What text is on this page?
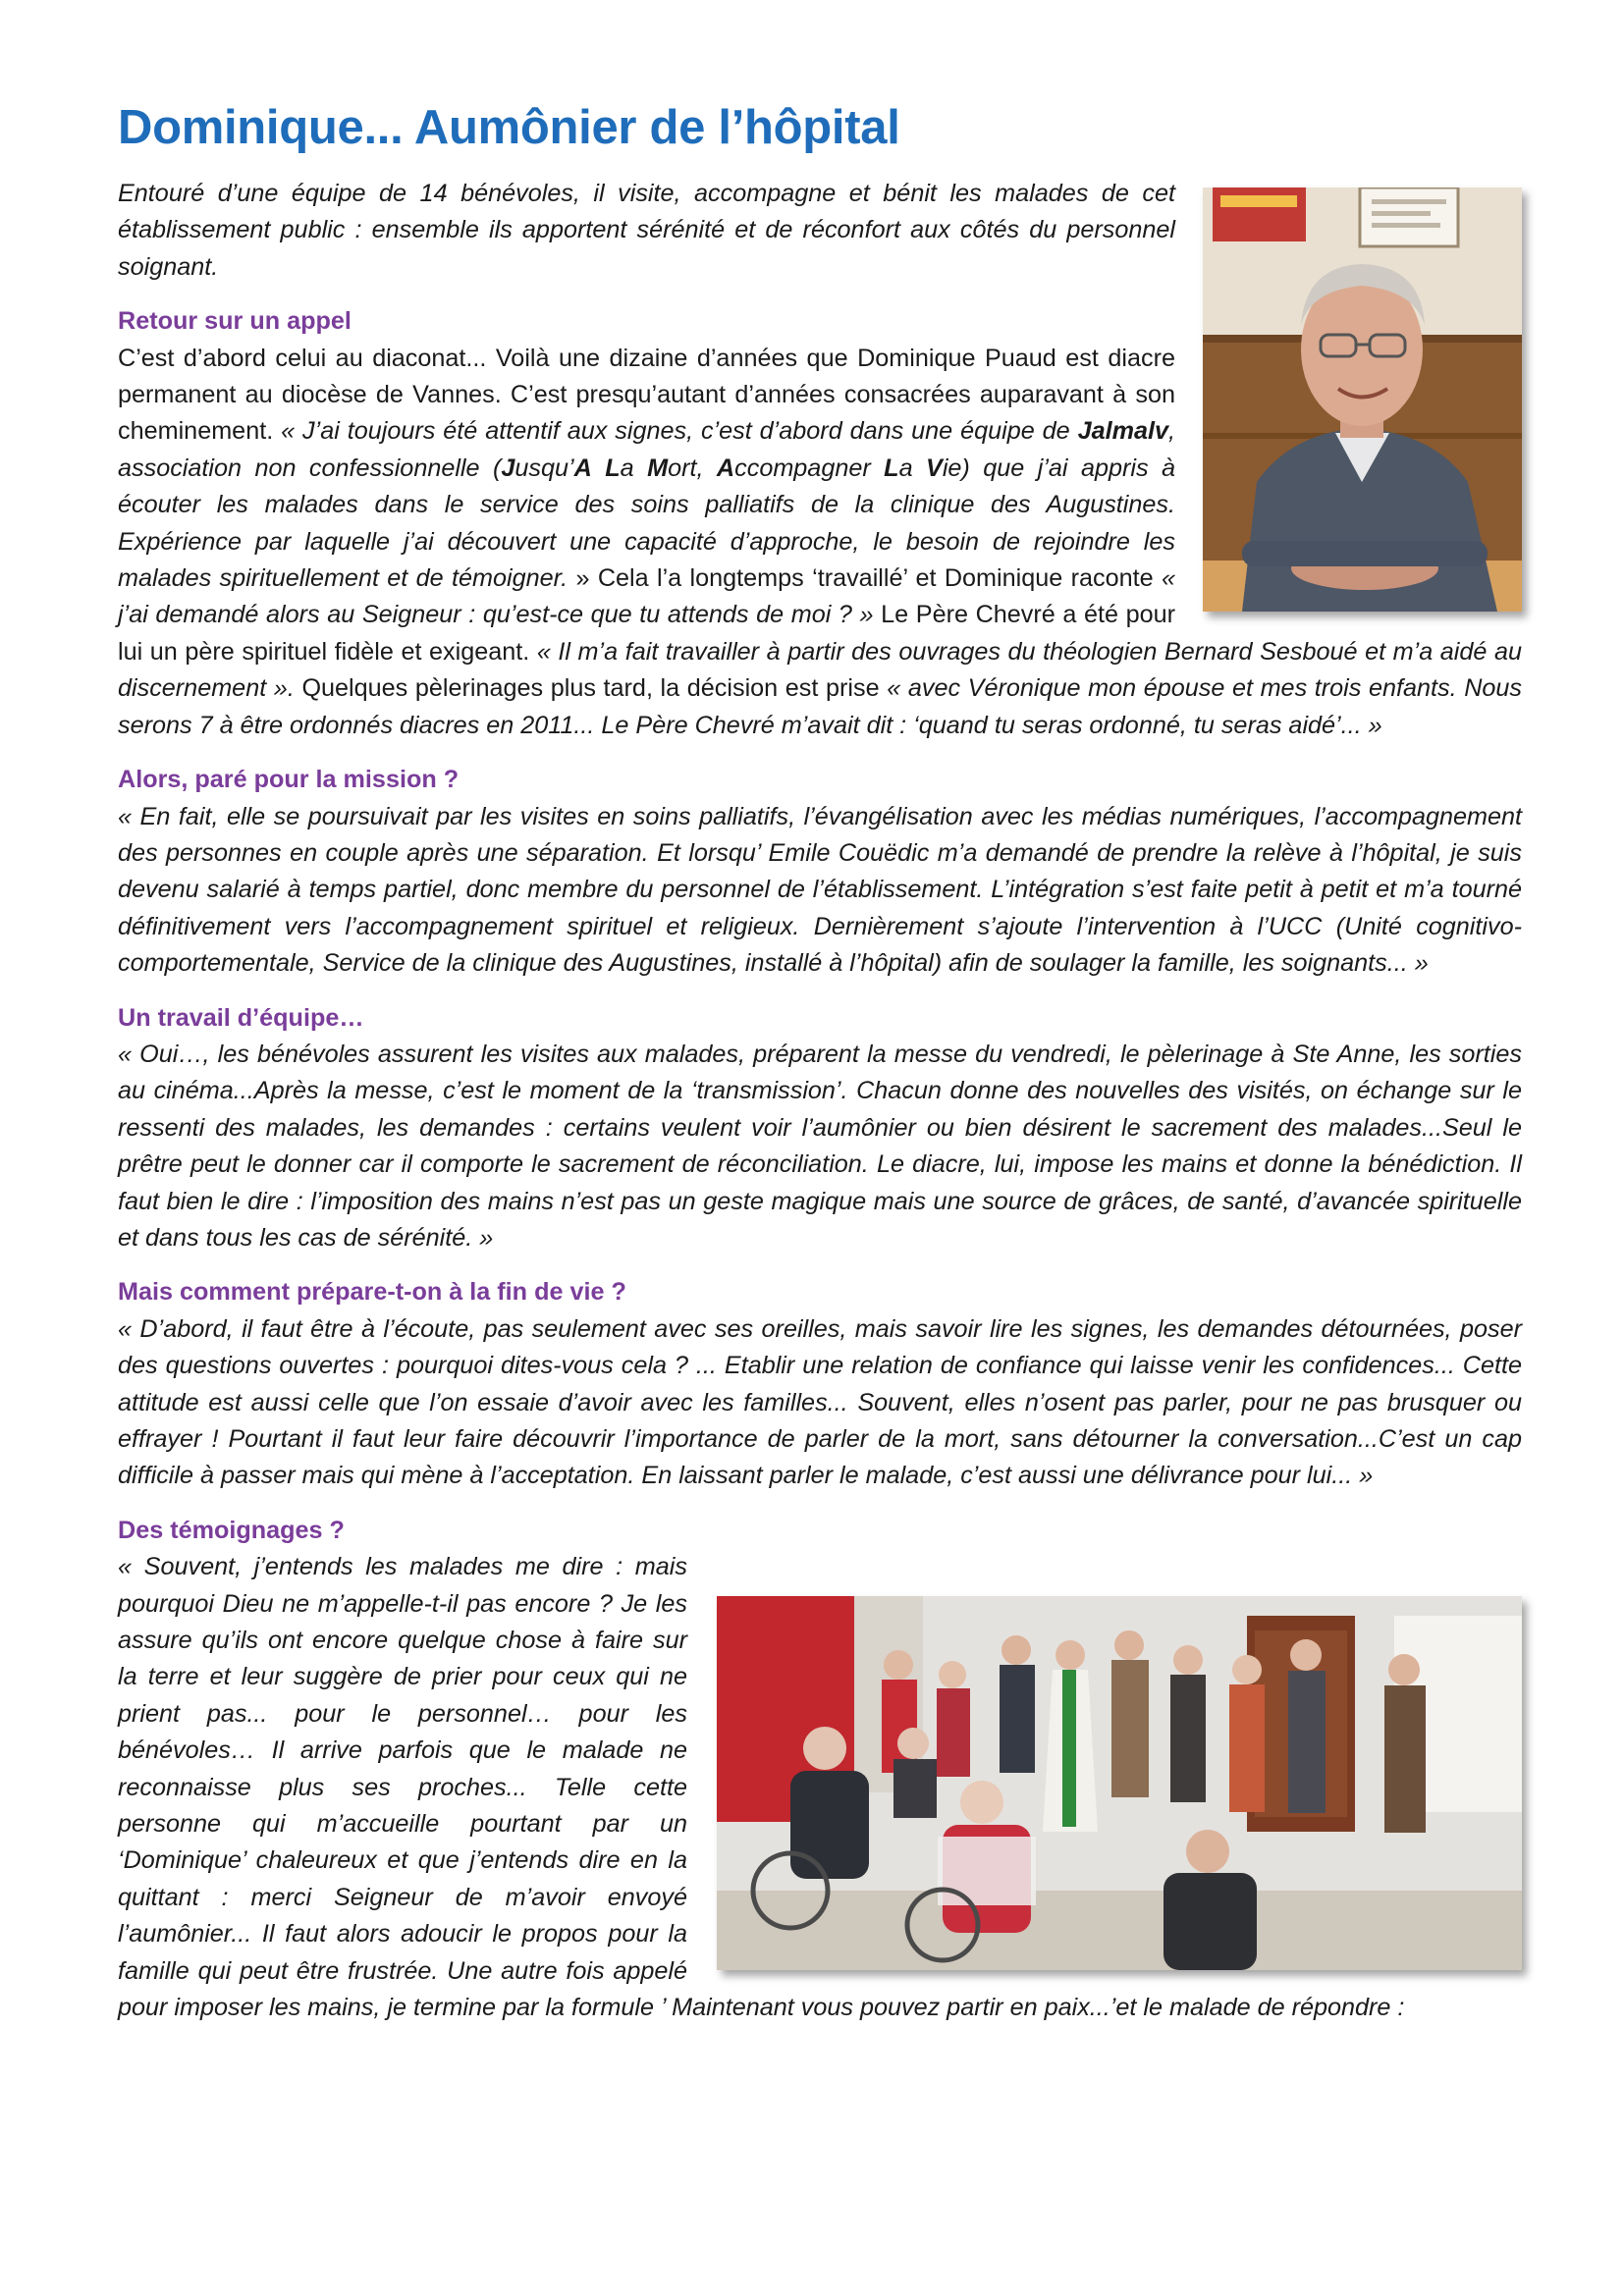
Dominique... Aumônier de l’hôpital

Entouré d’une équipe de 14 bénévoles, il visite, accompagne et bénit les malades de cet établissement public : ensemble ils apportent sérénité et de réconfort aux côtés du personnel soignant.

Retour sur un appel

C’est d’abord celui au diaconat... Voilà une dizaine d’années que Dominique Puaud est diacre permanent au diocèse de Vannes. C’est presqu’autant d’années consacrées auparavant à son cheminement. « J’ai toujours été attentif aux signes, c’est d’abord dans une équipe de Jalmalv, association non confessionnelle (Jusqu’A La Mort, Accompagner La Vie) que j’ai appris à écouter les malades dans le service des soins palliatifs de la clinique des Augustines. Expérience par laquelle j’ai découvert une capacité d’approche, le besoin de rejoindre les malades spirituellement et de témoigner. » Cela l’a longtemps ‘travaillé’ et Dominique raconte « j’ai demandé alors au Seigneur : qu’est-ce que tu attends de moi ? » Le Père Chevré a été pour lui un père spirituel fidèle et exigeant. « Il m’a fait travailler à partir des ouvrages du théologien Bernard Sesboué et m’a aidé au discernement ». Quelques pèlerinages plus tard, la décision est prise « avec Véronique mon épouse et mes trois enfants. Nous serons 7 à être ordonnés diacres en 2011... Le Père Chevré m’avait dit : ‘quand tu seras ordonné, tu seras aidé’... »

Alors, paré pour la mission ?

« En fait, elle se poursuivait par les visites en soins palliatifs, l’évangélisation avec les médias numériques, l’accompagnement des personnes en couple après une séparation. Et lorsqu’ Emile Couëdic m’a demandé de prendre la relève à l’hôpital, je suis devenu salarié à temps partiel, donc membre du personnel de l’établissement. L’intégration s’est faite petit à petit et m’a tourné définitivement vers l’accompagnement spirituel et religieux. Dernièrement s’ajoute l’intervention à l’UCC (Unité cognitivo- comportementale, Service de la clinique des Augustines, installé à l’hôpital) afin de soulager la famille, les soignants... »

Un travail d’équipe…

« Oui…, les bénévoles assurent les visites aux malades, préparent la messe du vendredi, le pèlerinage à Ste Anne, les sorties au cinéma...Après la messe, c’est le moment de la ‘transmission’. Chacun donne des nouvelles des visités, on échange sur le ressenti des malades, les demandes : certains veulent voir l’aumônier ou bien désirent le sacrement des malades...Seul le prêtre peut le donner car il comporte le sacrement de réconciliation. Le diacre, lui, impose les mains et donne la bénédiction. Il faut bien le dire : l’imposition des mains n’est pas un geste magique mais une source de grâces, de santé, d’avancée spirituelle et dans tous les cas de sérénité. »

Mais comment prépare-t-on à la fin de vie ?

« D’abord, il faut être à l’écoute, pas seulement avec ses oreilles, mais savoir lire les signes, les demandes détournées, poser des questions ouvertes : pourquoi dites-vous cela ? ... Etablir une relation de confiance qui laisse venir les confidences... Cette attitude est aussi celle que l’on essaie d’avoir avec les familles... Souvent, elles n’osent pas parler, pour ne pas brusquer ou effrayer ! Pourtant il faut leur faire découvrir l’importance de parler de la mort, sans détourner la conversation...C’est un cap difficile à passer mais qui mène à l’acceptation. En laissant parler le malade, c’est aussi une délivrance pour lui... »

Des témoignages ?

« Souvent, j’entends les malades me dire : mais pourquoi Dieu ne m’appelle-t-il pas encore ? Je les assure qu’ils ont encore quelque chose à faire sur la terre et leur suggère de prier pour ceux qui ne prient pas... pour le personnel… pour les bénévoles… Il arrive parfois que le malade ne reconnaisse plus ses proches... Telle cette personne qui m’accueille pourtant par un ‘Dominique’ chaleureux et que j’entends dire en la quittant : merci Seigneur de m’avoir envoyé l’aumônier... Il faut alors adoucir le propos pour la famille qui peut être frustrée. Une autre fois appelé pour imposer les mains, je termine par la formule ’ Maintenant vous pouvez partir en paix...’et le malade de répondre :
